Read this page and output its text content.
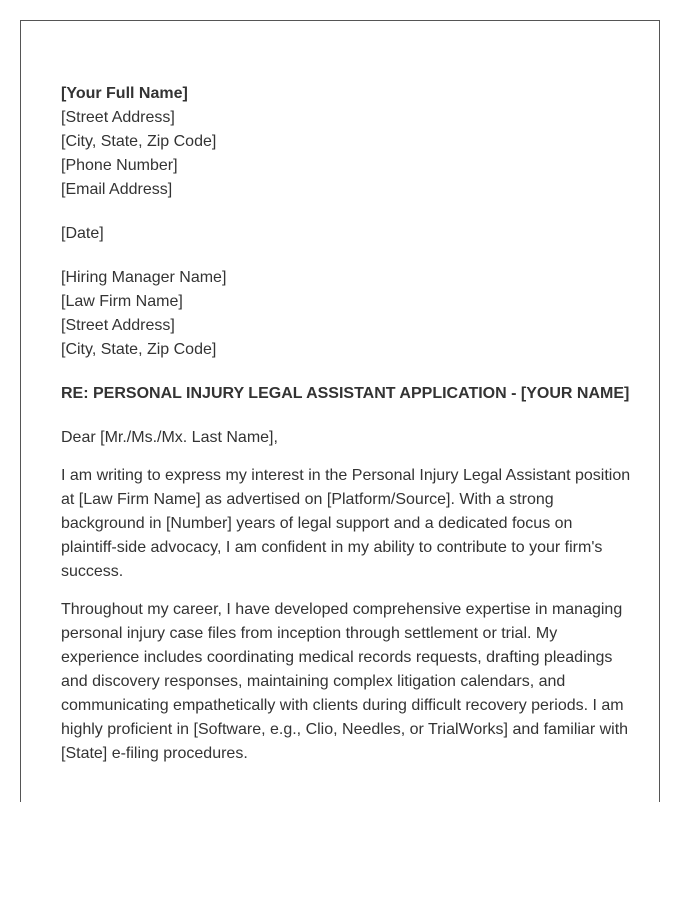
[Your Full Name]
[Street Address]
[City, State, Zip Code]
[Phone Number]
[Email Address]
[Date]
[Hiring Manager Name]
[Law Firm Name]
[Street Address]
[City, State, Zip Code]

RE: PERSONAL INJURY LEGAL ASSISTANT APPLICATION - [YOUR NAME]

Dear [Mr./Ms./Mx. Last Name],

I am writing to express my interest in the Personal Injury Legal Assistant position at [Law Firm Name] as advertised on [Platform/Source]. With a strong background in [Number] years of legal support and a dedicated focus on plaintiff-side advocacy, I am confident in my ability to contribute to your firm's success.

Throughout my career, I have developed comprehensive expertise in managing personal injury case files from inception through settlement or trial. My experience includes coordinating medical records requests, drafting pleadings and discovery responses, maintaining complex litigation calendars, and communicating empathetically with clients during difficult recovery periods. I am highly proficient in [Software, e.g., Clio, Needles, or TrialWorks] and familiar with [State] e-filing procedures.
